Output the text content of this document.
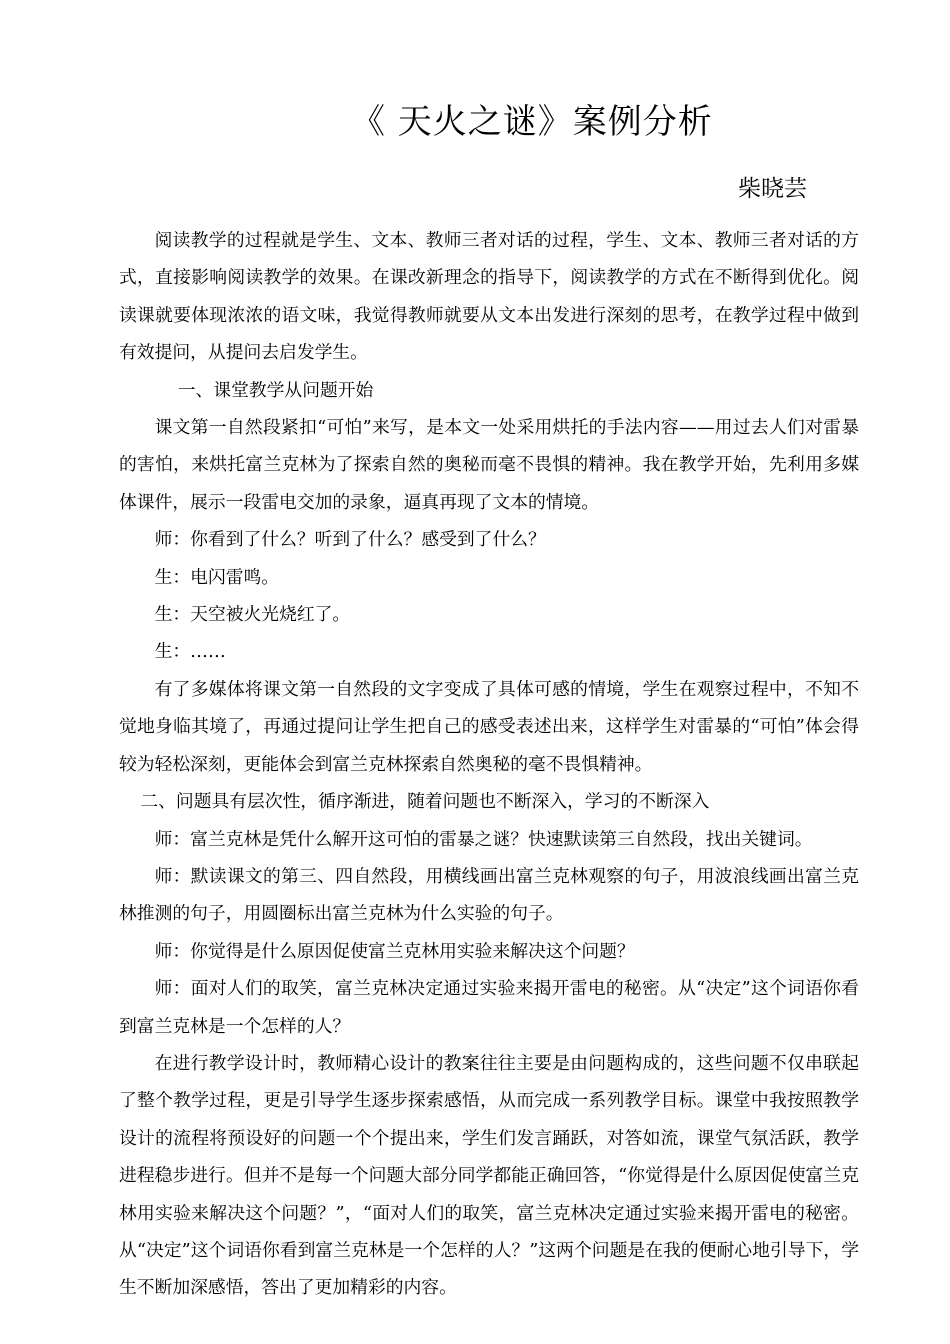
《 天火之谜》案例分析
柴晓芸

阅读教学的过程就是学生、文本、教师三者对话的过程，学生、文本、教师三者对话的方式，直接影响阅读教学的效果。在课改新理念的指导下，阅读教学的方式在不断得到优化。阅读课就要体现浓浓的语文味，我觉得教师就要从文本出发进行深刻的思考，在教学过程中做到有效提问，从提问去启发学生。

一、课堂教学从问题开始

课文第一自然段紧扣“可怕”来写，是本文一处采用烘托的手法内容——用过去人们对雷暴的害怕，来烘托富兰克林为了探索自然的奥秘而毫不畏惧的精神。我在教学开始，先利用多媒体课件，展示一段雷电交加的录象，逼真再现了文本的情境。

师：你看到了什么？听到了什么？感受到了什么？

生：电闪雷鸣。

生：天空被火光烧红了。

生：……

有了多媒体将课文第一自然段的文字变成了具体可感的情境，学生在观察过程中，不知不觉地身临其境了，再通过提问让学生把自己的感受表述出来，这样学生对雷暴的“可怕”体会得较为轻松深刻，更能体会到富兰克林探索自然奥秘的毫不畏惧精神。

二、问题具有层次性，循序渐进，随着问题也不断深入，学习的不断深入

师：富兰克林是凭什么解开这可怕的雷暴之谜？快速默读第三自然段，找出关键词。

师：默读课文的第三、四自然段，用横线画出富兰克林观察的句子，用波浪线画出富兰克林推测的句子，用圆圈标出富兰克林为什么实验的句子。

师：你觉得是什么原因促使富兰克林用实验来解决这个问题？

师：面对人们的取笑，富兰克林决定通过实验来揭开雷电的秘密。从“决定”这个词语你看到富兰克林是一个怎样的人？

在进行教学设计时，教师精心设计的教案往往主要是由问题构成的，这些问题不仅串联起了整个教学过程，更是引导学生逐步探索感悟，从而完成一系列教学目标。课堂中我按照教学设计的流程将预设好的问题一个个提出来，学生们发言踊跃，对答如流，课堂气氛活跃，教学进程稳步进行。但并不是每一个问题大部分同学都能正确回答，“你觉得是什么原因促使富兰克林用实验来解决这个问题？”，“面对人们的取笑，富兰克林决定通过实验来揭开雷电的秘密。从“决定”这个词语你看到富兰克林是一个怎样的人？”这两个问题是在我的便耐心地引导下，学生不断加深感悟，答出了更加精彩的内容。
